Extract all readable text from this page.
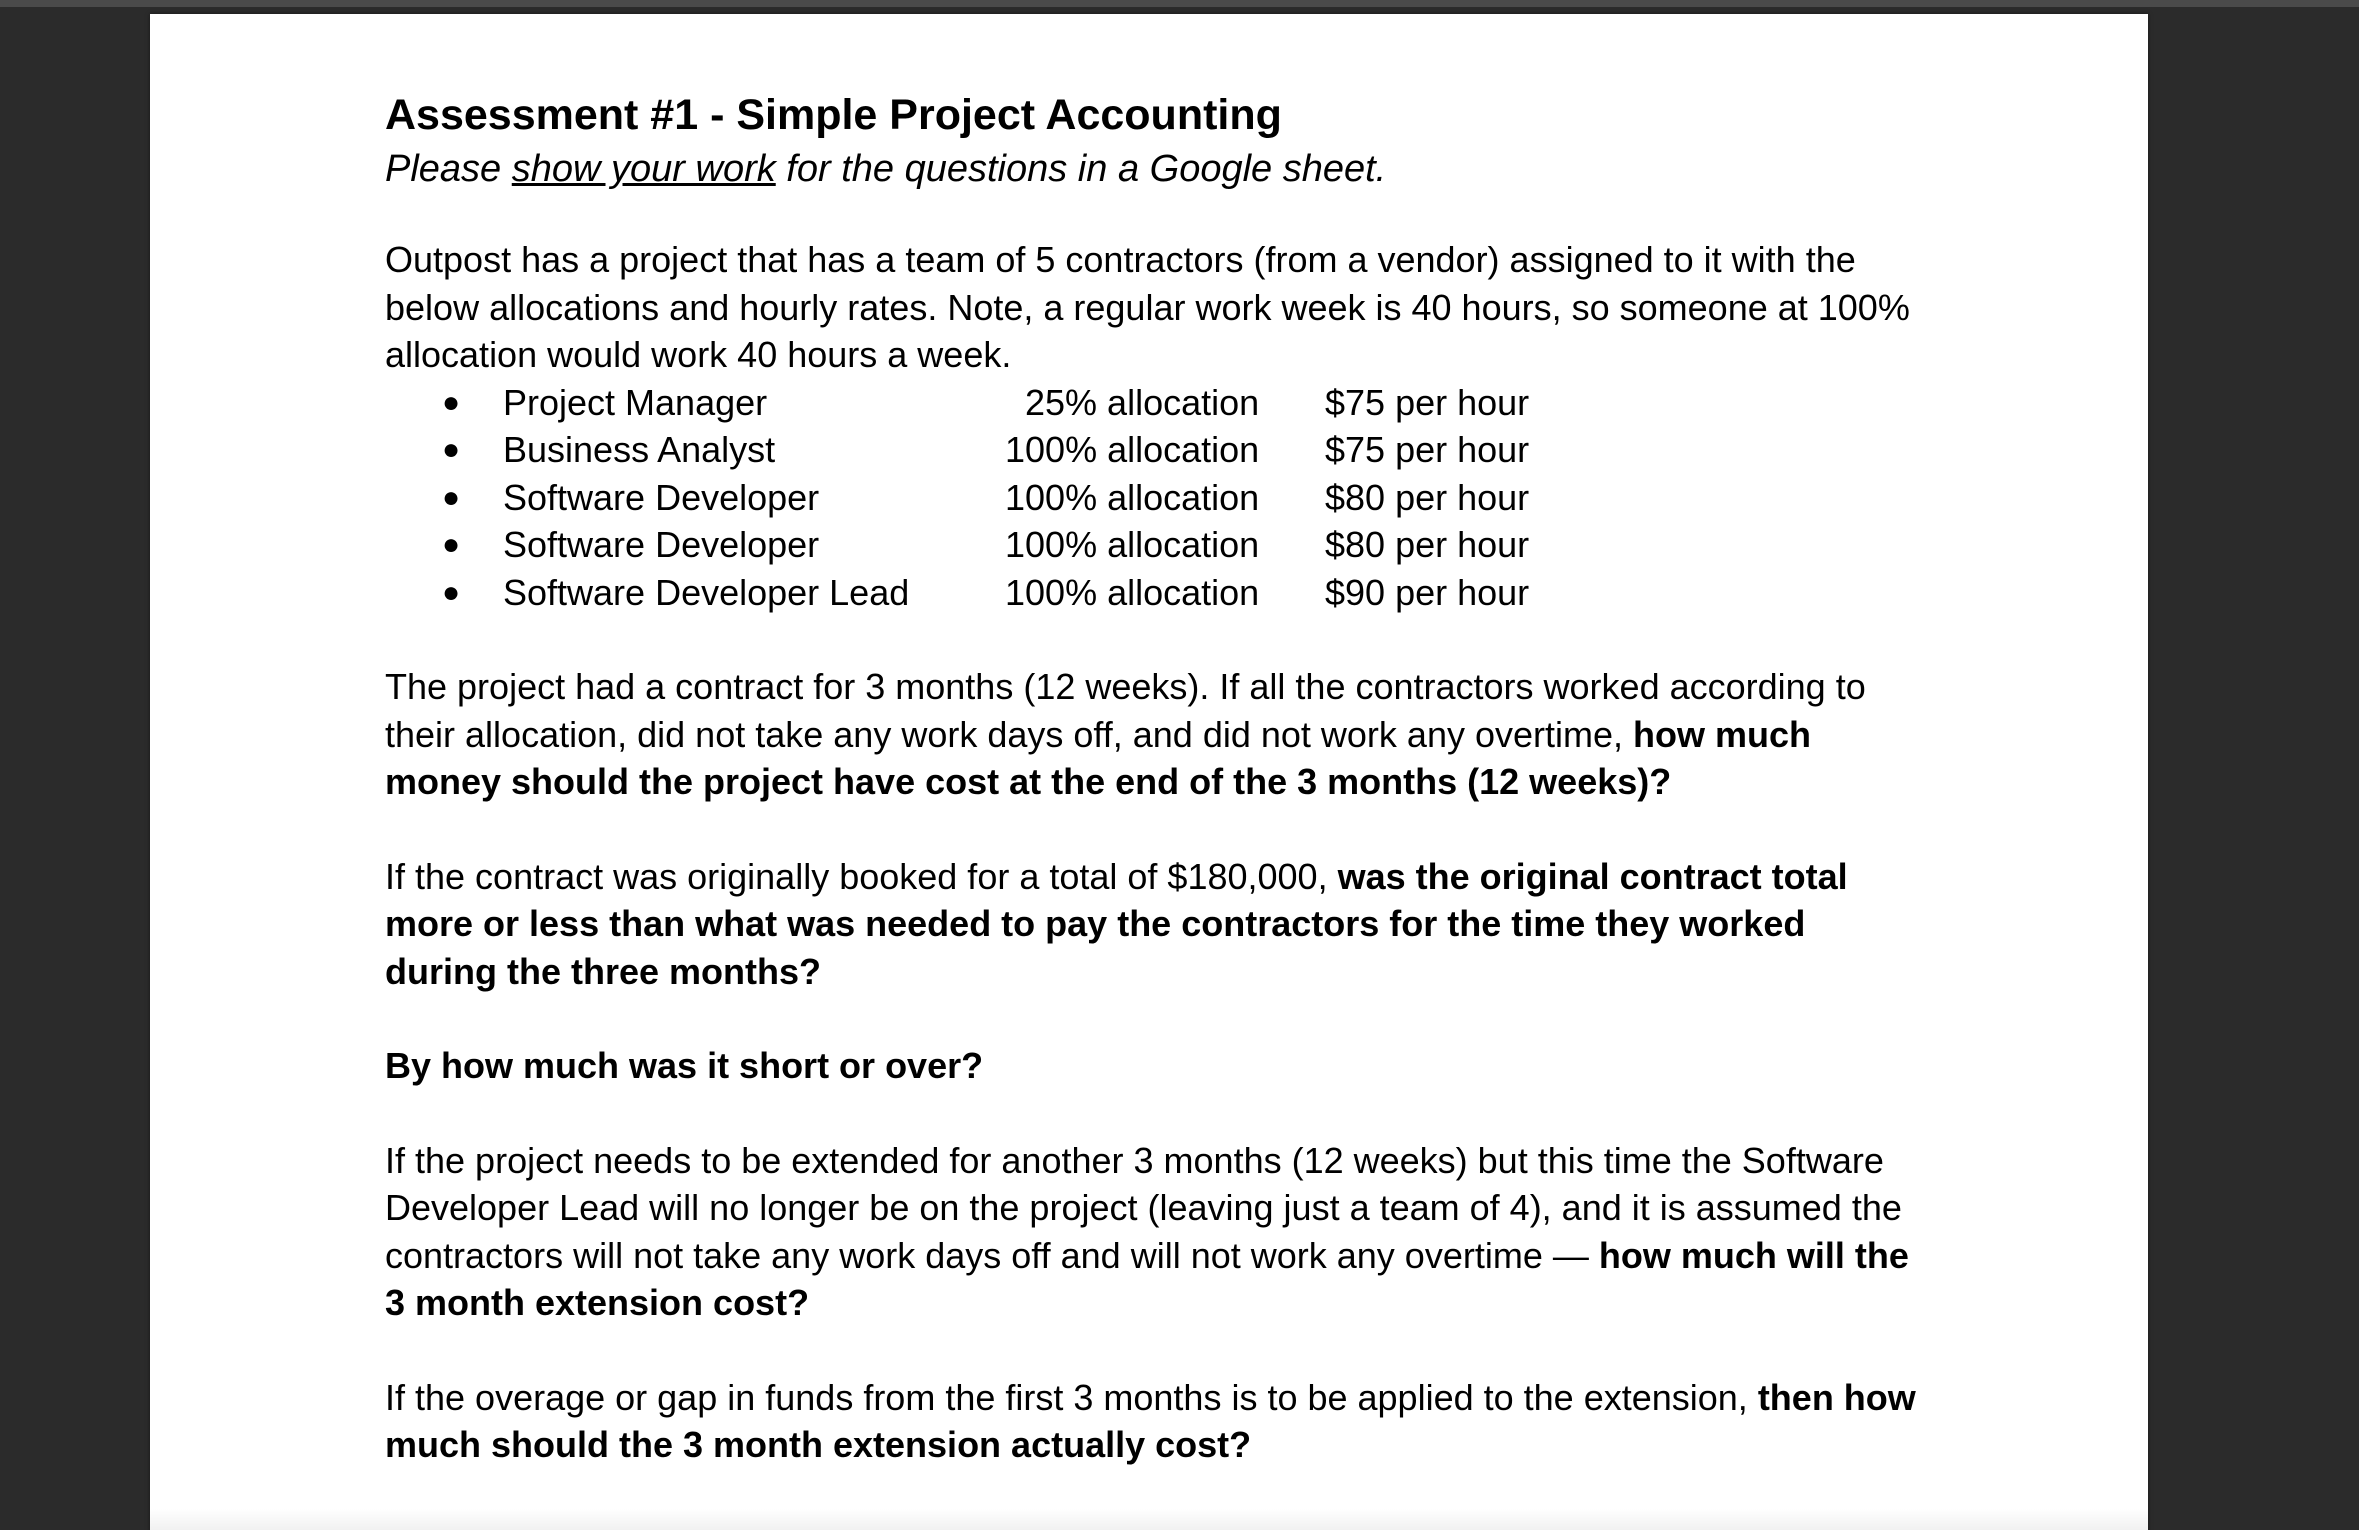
Assessment #1 - Simple Project Accounting
Please show your work for the questions in a Google sheet.

Outpost has a project that has a team of 5 contractors (from a vendor) assigned to it with the below allocations and hourly rates. Note, a regular work week is 40 hours, so someone at 100% allocation would work 40 hours a week.

● Project Manager	25% allocation	$75 per hour
● Business Analyst	100% allocation	$75 per hour
● Software Developer	100% allocation	$80 per hour
● Software Developer	100% allocation	$80 per hour
● Software Developer Lead	100% allocation	$90 per hour

The project had a contract for 3 months (12 weeks). If all the contractors worked according to their allocation, did not take any work days off, and did not work any overtime, how much money should the project have cost at the end of the 3 months (12 weeks)?

If the contract was originally booked for a total of $180,000, was the original contract total more or less than what was needed to pay the contractors for the time they worked during the three months?

By how much was it short or over?

If the project needs to be extended for another 3 months (12 weeks) but this time the Software Developer Lead will no longer be on the project (leaving just a team of 4), and it is assumed the contractors will not take any work days off and will not work any overtime — how much will the 3 month extension cost?

If the overage or gap in funds from the first 3 months is to be applied to the extension, then how much should the 3 month extension actually cost?
